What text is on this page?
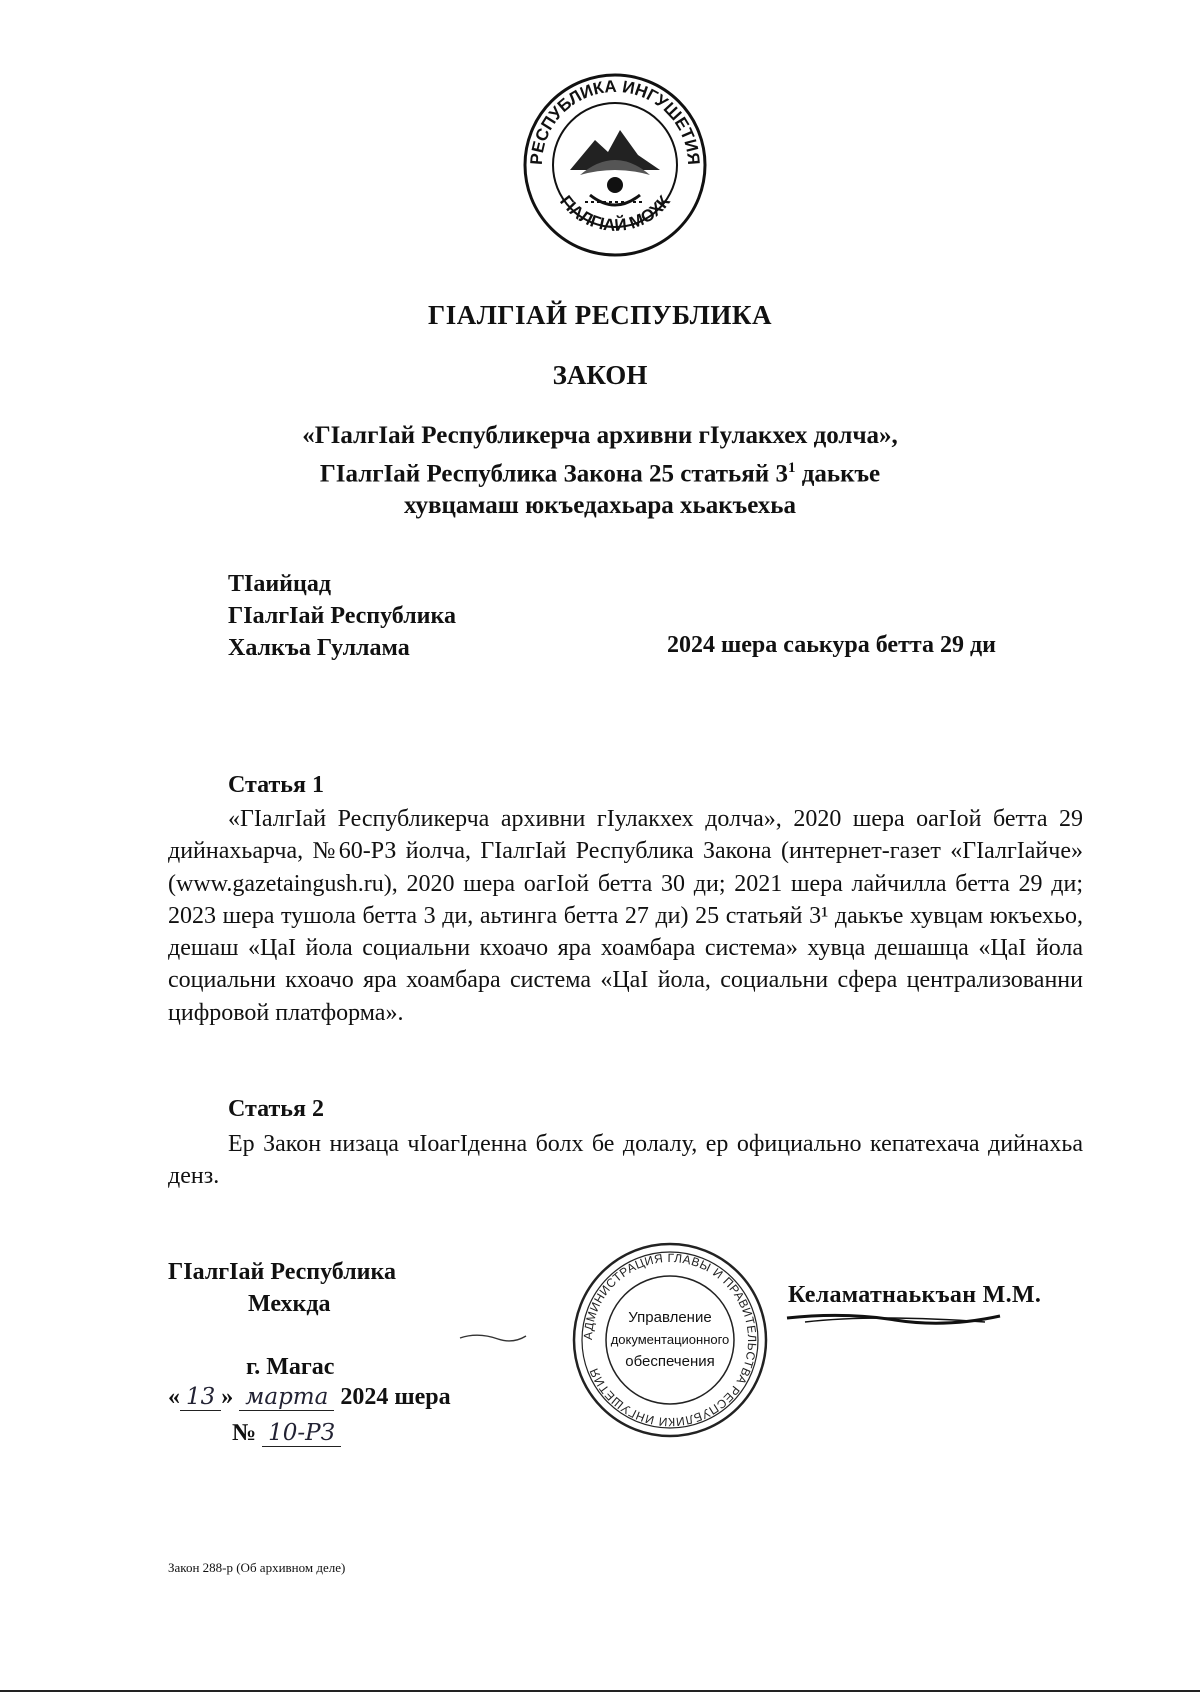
РЕСПУБЛИКА ИНГУШЕТИЯ
ГІАЛГІАЙ МОХК
ГІАЛГІАЙ РЕСПУБЛИКА
ЗАКОН
«ГІалгІай Республикерча архивни гІулакхех долча»,
ГІалгІай Республика Закона 25 статьяй $3^1$ даькъе
хувцамаш юкъедахьара хьакъехьа
ТІаийцад
ГІалгІай Республика
Халкъа Гуллама	2024 шера саькура бетта 29 ди
Статья 1

«ГІалгІай Республикерча архивни гІулакхех долча», 2020 шера оагІой бетта 29 дийнахьарча, №60-РЗ йолча, ГІалгІай Республика Закона (интернет-газет «ГІалгІайче» (www.gazetaingush.ru), 2020 шера оагІой бетта 30 ди; 2021 шера лайчилла бетта 29 ди; 2023 шера тушола бетта 3 ди, аьтинга бетта 27 ди) 25 статьяй 3¹ даькъе хувцам юкъехьо, дешаш «ЦаІ йола социальни кхоачо яра хоамбара система» хувца дешашца «ЦаІ йола социальни кхоачо яра хоамбара система «ЦаІ йола, социальни сфера централизованни цифровой платформа».

Статья 2

Ер Закон низаца чІоагІденна болх бе долалу, ер официально кепатехача дийнахьа денз.

ГІалгІай Республика
Мехкда
г. Магас
« 13 » марта 2024 шера
№ 10-РЗ
АДМИНИСТРАЦИЯ ГЛАВЫ И ПРАВИТЕЛЬСТВА РЕСПУБЛИКИ ИНГУШЕТИЯ
Управление
документационного
обеспечения
Келаматнаькъан М.М.
Закон 288-р (Об архивном деле)
